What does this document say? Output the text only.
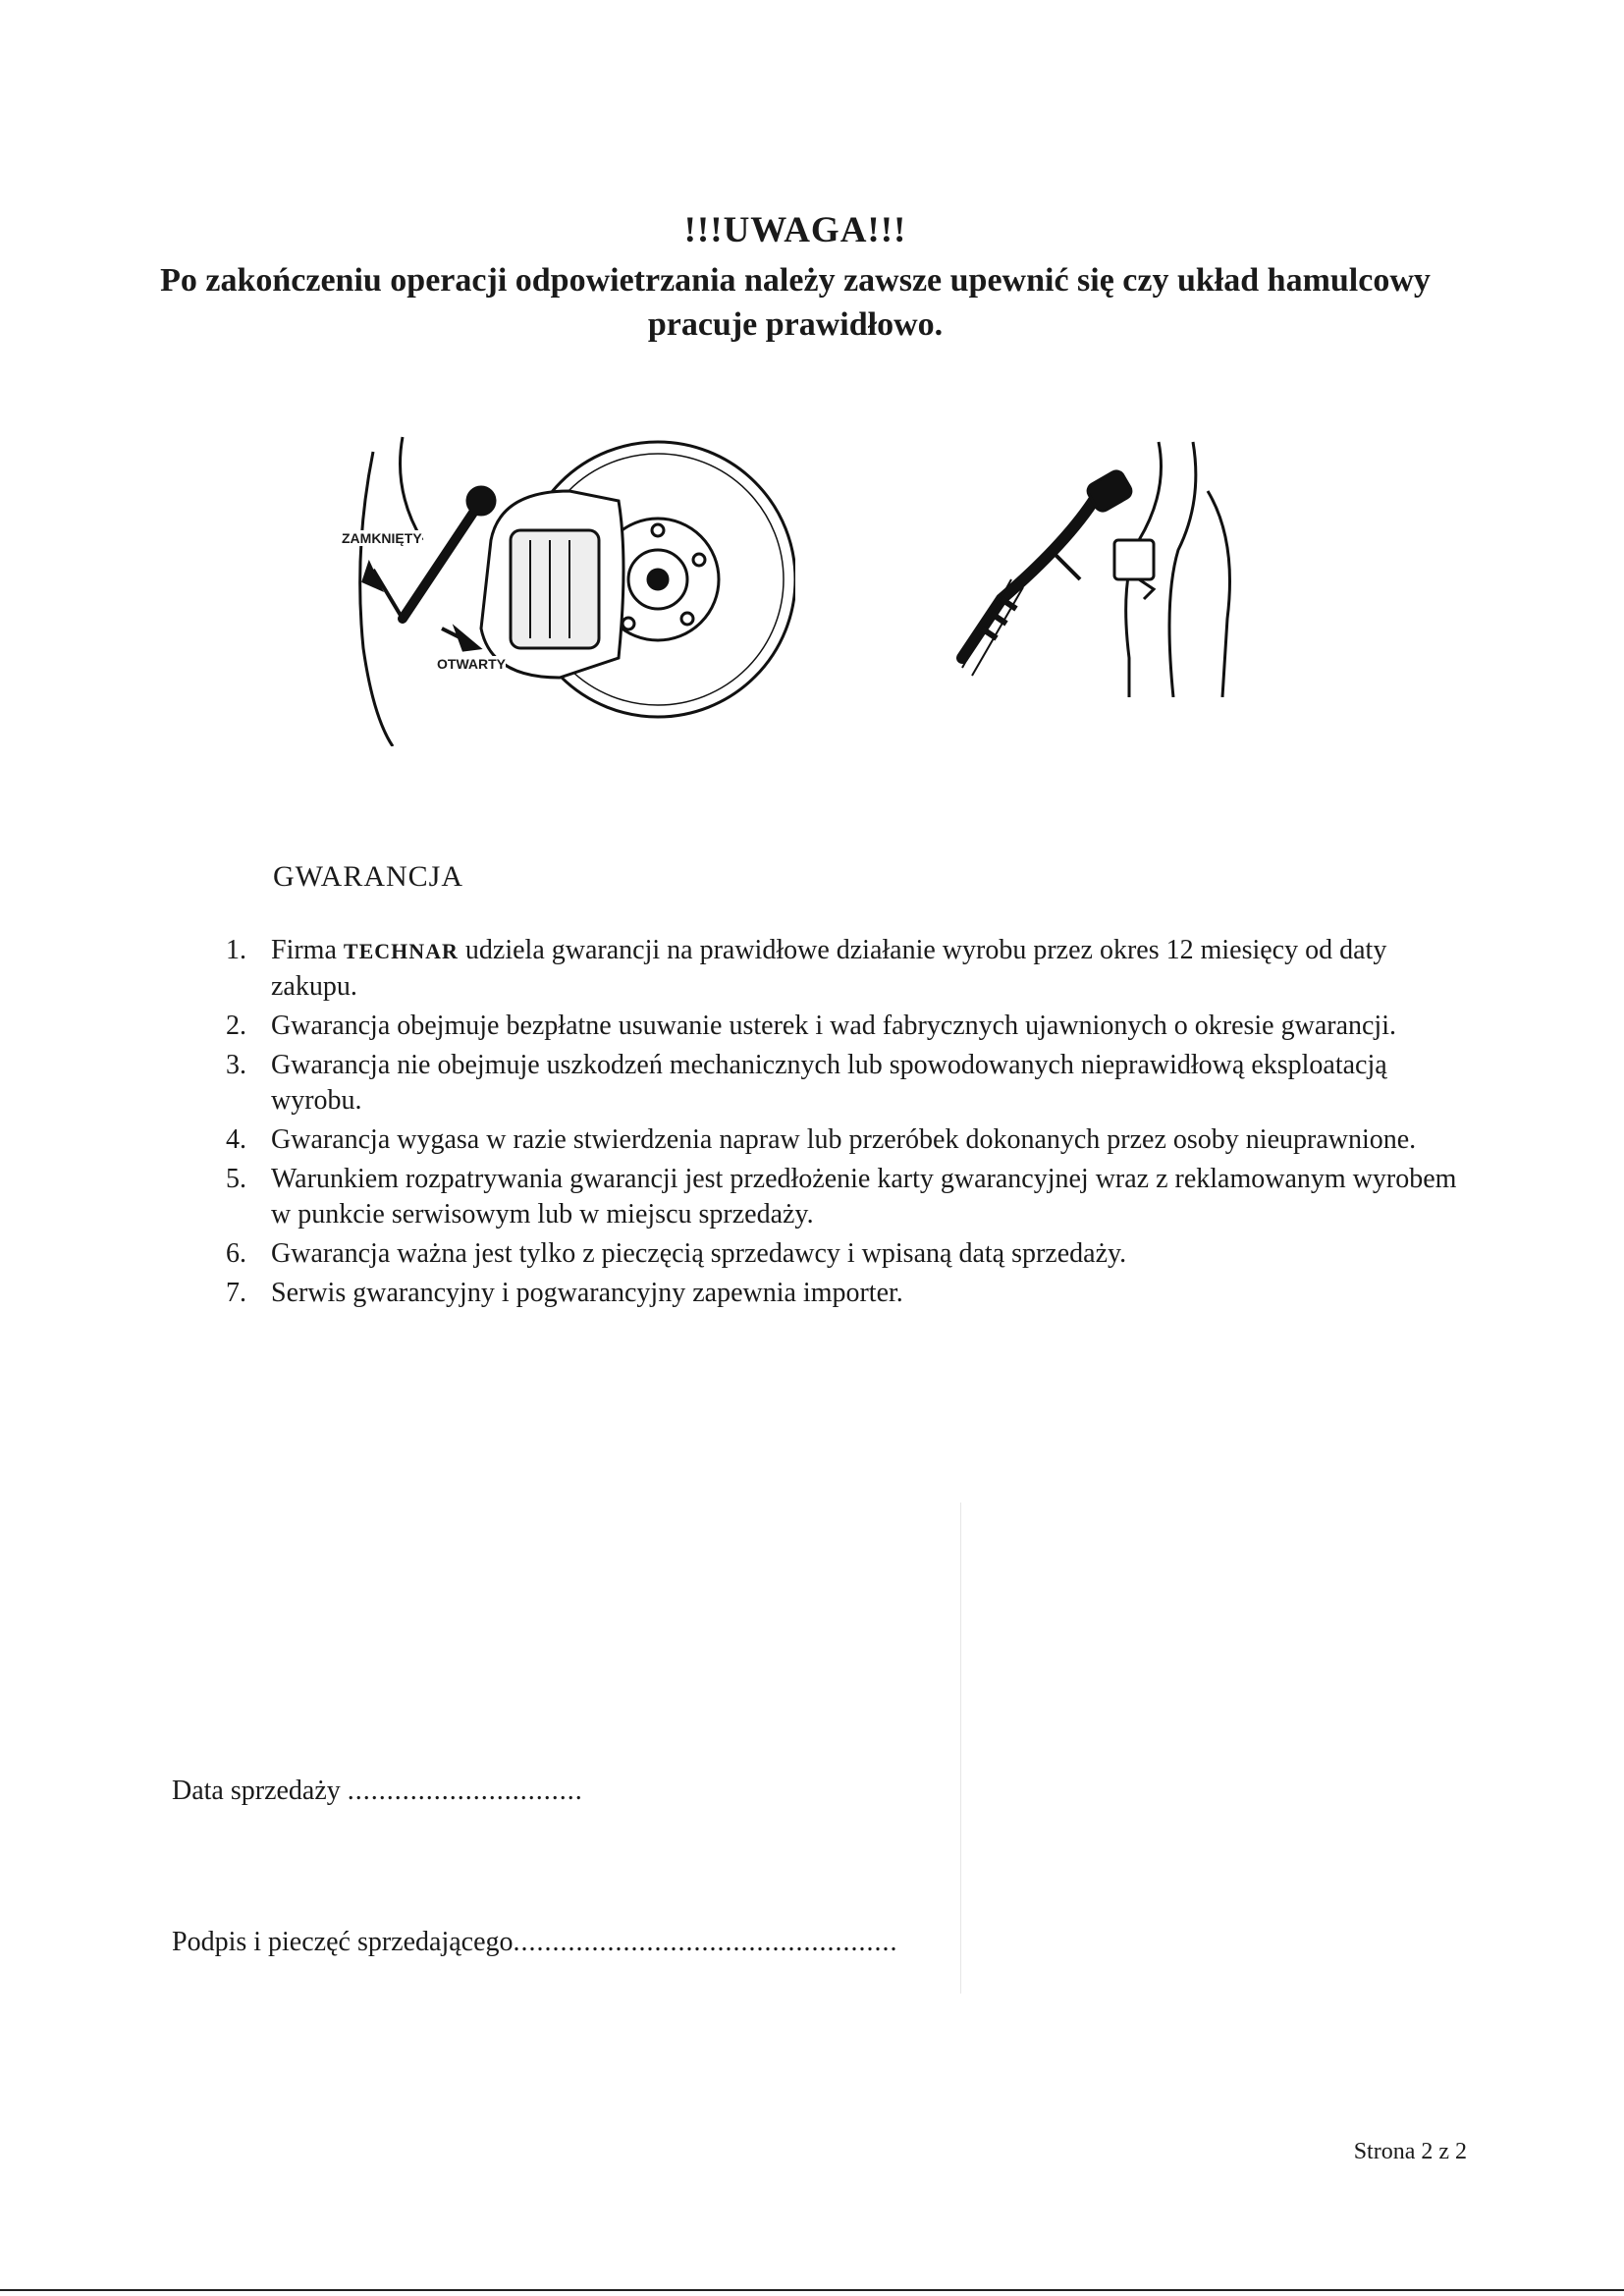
!!!UWAGA!!!

Po zakończeniu operacji odpowietrzania należy zawsze upewnić się czy układ hamulcowy pracuje prawidłowo.

ZAMKNIĘTY
OTWARTY
GWARANCJA
1. Firma TECHNAR udziela gwarancji na prawidłowe działanie wyrobu przez okres 12 miesięcy od daty zakupu.
2. Gwarancja obejmuje bezpłatne usuwanie usterek i wad fabrycznych ujawnionych o okresie gwarancji.
3. Gwarancja nie obejmuje uszkodzeń mechanicznych lub spowodowanych nieprawidłową eksploatacją wyrobu.
4. Gwarancja wygasa w razie stwierdzenia napraw lub przeróbek dokonanych przez osoby nieuprawnione.
5. Warunkiem rozpatrywania gwarancji jest przedłożenie karty gwarancyjnej wraz z reklamowanym wyrobem w punkcie serwisowym lub w miejscu sprzedaży.
6. Gwarancja ważna jest tylko z pieczęcią sprzedawcy i wpisaną datą sprzedaży.
7. Serwis gwarancyjny i pogwarancyjny zapewnia importer.
Data sprzedaży ..............................
Podpis i pieczęć sprzedającego.................................................
Strona 2 z 2
